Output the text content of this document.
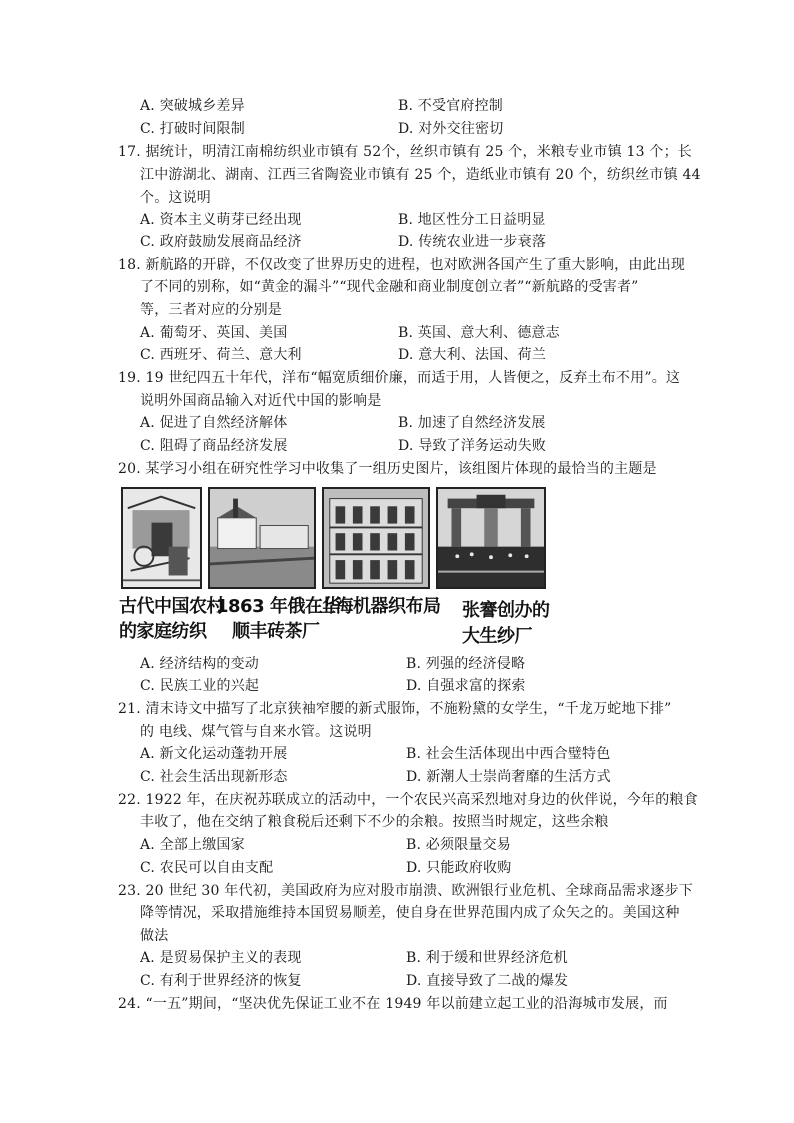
A. 突破城乡差异	B. 不受官府控制
C. 打破时间限制	D. 对外交往密切
17. 据统计，明清江南棉纺织业市镇有 52个，丝织市镇有 25 个，米粮专业市镇 13 个；长
江中游湖北、湖南、江西三省陶瓷业市镇有 25 个，造纸业市镇有 20 个，纺织丝市镇 44
个。这说明
A. 资本主义萌芽已经出现	B. 地区性分工日益明显
C. 政府鼓励发展商品经济	D. 传统农业进一步衰落
18. 新航路的开辟，不仅改变了世界历史的进程，也对欧洲各国产生了重大影响，由此出现
了不同的别称，如“黄金的漏斗”“现代金融和商业制度创立者”“新航路的受害者”
等，三者对应的分别是
A. 葡萄牙、英国、美国	B. 英国、意大利、德意志
C. 西班牙、荷兰、意大利	D. 意大利、法国、荷兰
19. 19 世纪四五十年代，洋布“幅宽质细价廉，而适于用，人皆便之，反弃土布不用”。这
说明外国商品输入对近代中国的影响是
A. 促进了自然经济解体	B. 加速了自然经济发展
C. 阻碍了商品经济发展	D. 导致了洋务运动失败
20. 某学习小组在研究性学习中收集了一组历史图片，该组图片体现的最恰当的主题是
古代中国农村
的家庭纺织
1863 年俄在华
顺丰砖茶厂
上海机器织布局 张謇创办的
大生纱厂
A. 经济结构的变动	B. 列强的经济侵略
C. 民族工业的兴起	D. 自强求富的探索
21. 清末诗文中描写了北京狭袖窄腰的新式服饰，不施粉黛的女学生，“千龙万蛇地下排”
的 电线、煤气管与自来水管。这说明
A. 新文化运动蓬勃开展	B. 社会生活体现出中西合璧特色
C. 社会生活出现新形态	D. 新潮人士崇尚奢靡的生活方式
22. 1922 年，在庆祝苏联成立的活动中，一个农民兴高采烈地对身边的伙伴说，今年的粮食
丰收了，他在交纳了粮食税后还剩下不少的余粮。按照当时规定，这些余粮
A. 全部上缴国家	B. 必须限量交易
C. 农民可以自由支配	D. 只能政府收购
23. 20 世纪 30 年代初，美国政府为应对股市崩溃、欧洲银行业危机、全球商品需求逐步下
降等情况，采取措施维持本国贸易顺差，使自身在世界范围内成了众矢之的。美国这种
做法
A. 是贸易保护主义的表现	B. 利于缓和世界经济危机
C. 有利于世界经济的恢复	D. 直接导致了二战的爆发
24. “一五”期间，“坚决优先保证工业不在 1949 年以前建立起工业的沿海城市发展，而
